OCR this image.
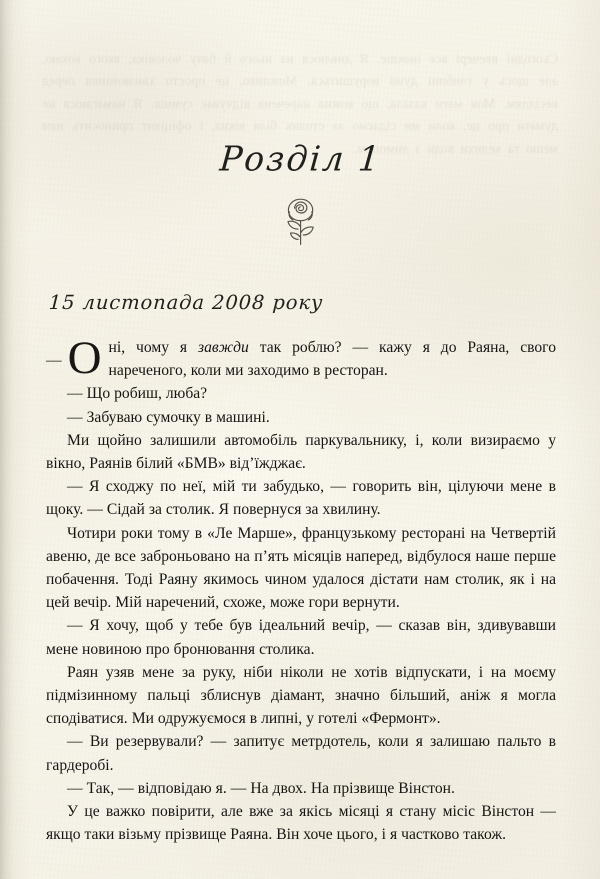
Сьогодні ввечері все інакше. Я дивлюся на нього й бачу чоловіка, якого кохаю, але щось у глибині душі ворушиться. Можливо, це просто хвилювання перед весіллям. Моя мати казала, що кожна наречена відчуває сумнів. Я намагаюся не думати про це, коли ми сідаємо за столик біля вікна, і офіціант приносить нам меню та келихи води з лимоном.
Розділ 1

15 листопада 2008 року

— О ні, чому я завжди так роблю? — кажу я до Раяна, свого нареченого, коли ми заходимо в ресторан.

— Що робиш, люба?

— Забуваю сумочку в машині.

Ми щойно залишили автомобіль паркувальнику, і, коли визираємо у вікно, Раянів білий «БМВ» від’їжджає.

— Я сходжу по неї, мій ти забудько, — говорить він, цілуючи мене в щоку. — Сідай за столик. Я повернуся за хвилину.

Чотири роки тому в «Ле Марше», французькому ресторані на Четвертій авеню, де все заброньовано на п’ять місяців наперед, відбулося наше перше побачення. Тоді Раяну якимось чином удалося дістати нам столик, як і на цей вечір. Мій наречений, схоже, може гори вернути.

— Я хочу, щоб у тебе був ідеальний вечір, — сказав він, здивувавши мене новиною про бронювання столика.

Раян узяв мене за руку, ніби ніколи не хотів відпускати, і на моєму підмізинному пальці зблиснув діамант, значно більший, аніж я могла сподіватися. Ми одружуємося в липні, у готелі «Фермонт».

— Ви резервували? — запитує метрдотель, коли я залишаю пальто в гардеробі.

— Так, — відповідаю я. — На двох. На прізвище Вінстон.

У це важко повірити, але вже за якісь місяці я стану місіс Вінстон — якщо таки візьму прізвище Раяна. Він хоче цього, і я частково також.
